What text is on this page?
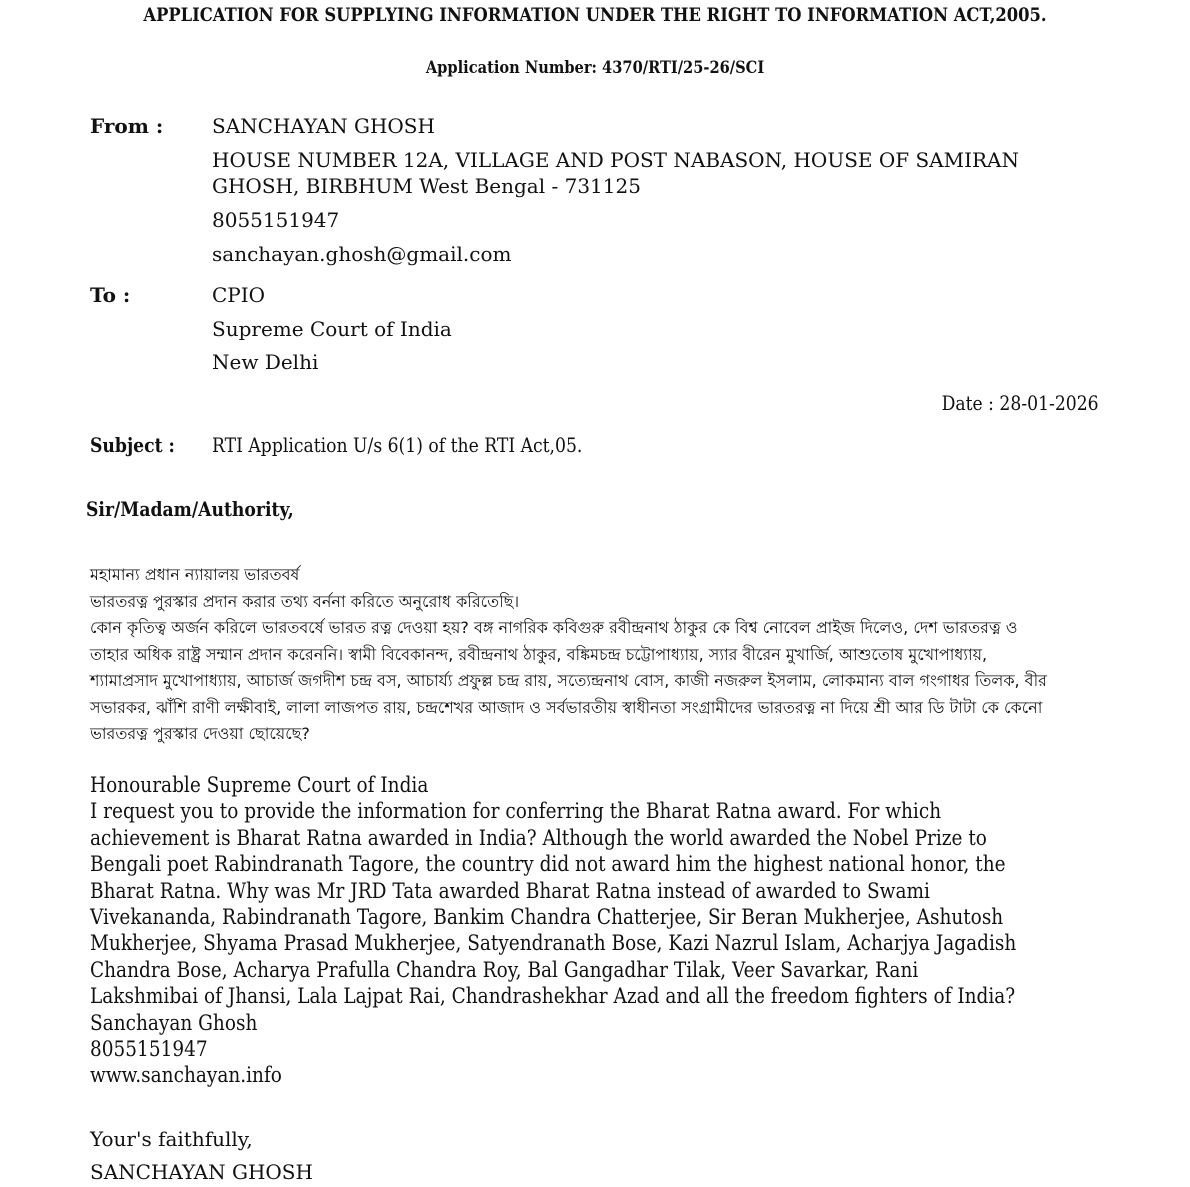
APPLICATION FOR SUPPLYING INFORMATION UNDER THE RIGHT TO INFORMATION ACT,2005.
Application Number: 4370/RTI/25-26/SCI
From : SANCHAYAN GHOSH
HOUSE NUMBER 12A, VILLAGE AND POST NABASON, HOUSE OF SAMIRAN
GHOSH, BIRBHUM West Bengal - 731125
8055151947
sanchayan.ghosh@gmail.com
To :	CPIO
Supreme Court of India
New Delhi
Date : 28-01-2026
Subject : RTI Application U/s 6(1) of the RTI Act,05.
Sir/Madam/Authority,
মহামান্য প্রধান ন্যায়ালয় ভারতবর্ষ
ভারতরত্ন পুরস্কার প্রদান করার তথ্য বর্ননা করিতে অনুরোধ করিতেছি।
কোন কৃতিত্ব অর্জন করিলে ভারতবর্ষে ভারত রত্ন দেওয়া হয়? বঙ্গ নাগরিক কবিগুরু রবীন্দ্রনাথ ঠাকুর কে বিশ্ব নোবেল প্রাইজ দিলেও, দেশ ভারতরত্ন ও
তাহার অধিক রাষ্ট্র সম্মান প্রদান করেননি। স্বামী বিবেকানন্দ, রবীন্দ্রনাথ ঠাকুর, বঙ্কিমচন্দ্র চট্টোপাধ্যায়, স্যার বীরেন মুখার্জি, আশুতোষ মুখোপাধ্যায়,
শ্যামাপ্রসাদ মুখোপাধ্যায়, আচার্জ জগদীশ চন্দ্র বস, আচার্য্য প্রফুল্ল চন্দ্র রায়, সত্যেন্দ্রনাথ বোস, কাজী নজরুল ইসলাম, লোকমান্য বাল গংগাধর তিলক, বীর
সভারকর, ঝাঁশি রাণী লক্ষীবাই, লালা লাজপত রায়, চন্দ্রশেখর আজাদ ও সর্বভারতীয় স্বাধীনতা সংগ্রামীদের ভারতরত্ন না দিয়ে শ্রী আর ডি টাটা কে কেনো
ভারতরত্ন পুরস্কার দেওয়া ছোয়েছে?
Honourable Supreme Court of India
I request you to provide the information for conferring the Bharat Ratna award. For which
achievement is Bharat Ratna awarded in India? Although the world awarded the Nobel Prize to
Bengali poet Rabindranath Tagore, the country did not award him the highest national honor, the
Bharat Ratna. Why was Mr JRD Tata awarded Bharat Ratna instead of awarded to Swami
Vivekananda, Rabindranath Tagore, Bankim Chandra Chatterjee, Sir Beran Mukherjee, Ashutosh
Mukherjee, Shyama Prasad Mukherjee, Satyendranath Bose, Kazi Nazrul Islam, Acharjya Jagadish
Chandra Bose, Acharya Prafulla Chandra Roy, Bal Gangadhar Tilak, Veer Savarkar, Rani
Lakshmibai of Jhansi, Lala Lajpat Rai, Chandrashekhar Azad and all the freedom fighters of India?
Sanchayan Ghosh
8055151947
www.sanchayan.info
Your's faithfully,
SANCHAYAN GHOSH
